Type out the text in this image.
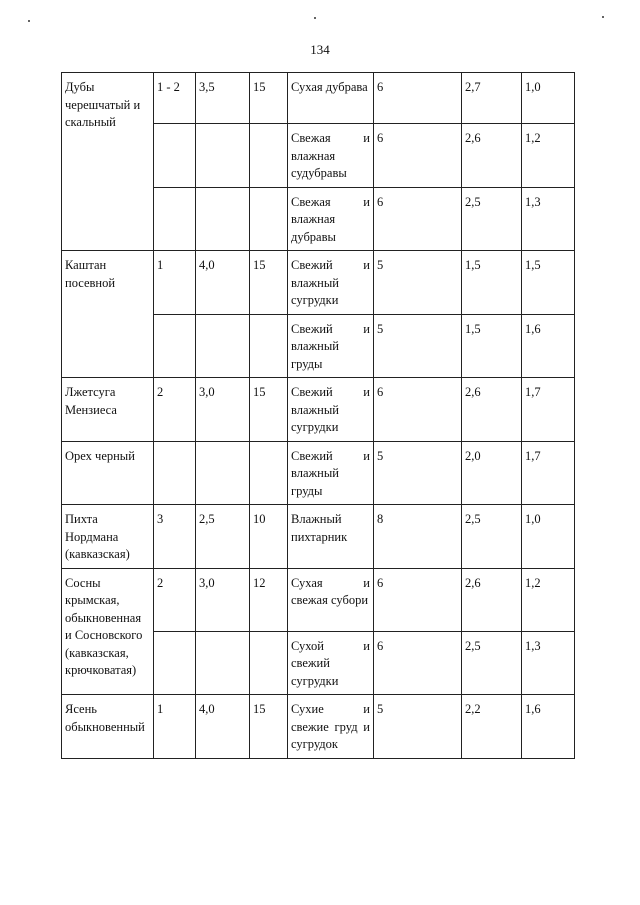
134
Дубы черешчатый и скальный	1 - 2	3,5	15	Сухая дубрава	6	2,7	1,0
				Свежая и влажная судубравы	6	2,6	1,2
				Свежая и влажная дубравы	6	2,5	1,3
Каштан посевной	1	4,0	15	Свежий и влажный сугрудки	5	1,5	1,5
				Свежий и влажный груды	5	1,5	1,6
Лжетсуга Мензиеса	2	3,0	15	Свежий и влажный сугрудки	6	2,6	1,7
Орех черный				Свежий и влажный груды	5	2,0	1,7
Пихта Нордмана (кавказская)	3	2,5	10	Влажный пихтарник	8	2,5	1,0
Сосны крымская, обыкновенная и Сосновского (кавказская, крючковатая)	2	3,0	12	Сухая и свежая субори	6	2,6	1,2
				Сухой и свежий сугрудки	6	2,5	1,3
Ясень обыкновенный	1	4,0	15	Сухие и свежие груд и сугрудок	5	2,2	1,6
